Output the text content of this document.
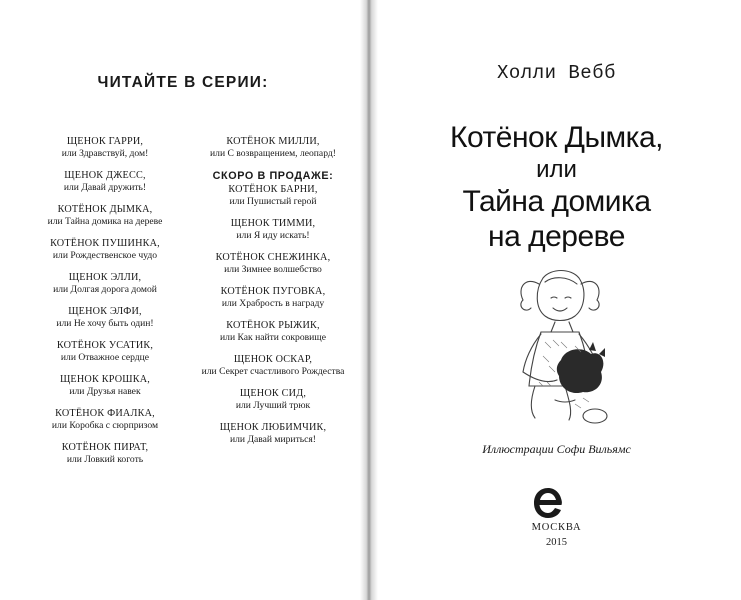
ЧИТАЙТЕ В СЕРИИ:
ЩЕНОК ГАРРИ,
или Здравствуй, дом!
ЩЕНОК ДЖЕСС,
или Давай дружить!
КОТЁНОК ДЫМКА,
или Тайна домика на дереве
КОТЁНОК ПУШИНКА,
или Рождественское чудо
ЩЕНОК ЭЛЛИ,
или Долгая дорога домой
ЩЕНОК ЭЛФИ,
или Не хочу быть один!
КОТЁНОК УСАТИК,
или Отважное сердце
ЩЕНОК КРОШКА,
или Друзья навек
КОТЁНОК ФИАЛКА,
или Коробка с сюрпризом
КОТЁНОК ПИРАТ,
или Ловкий коготь
КОТЁНОК МИЛЛИ,
или С возвращением, леопард!
СКОРО В ПРОДАЖЕ:
КОТЁНОК БАРНИ,
или Пушистый герой
ЩЕНОК ТИММИ,
или Я иду искать!
КОТЁНОК СНЕЖИНКА,
или Зимнее волшебство
КОТЁНОК ПУГОВКА,
или Храбрость в награду
КОТЁНОК РЫЖИК,
или Как найти сокровище
ЩЕНОК ОСКАР,
или Секрет счастливого Рождества
ЩЕНОК СИД,
или Лучший трюк
ЩЕНОК ЛЮБИМЧИК,
или Давай мириться!
Холли Вебб
Котёнок Дымка,
или
Тайна домика
на дереве
Иллюстрации Софи Вильямс
МОСКВА
2015
